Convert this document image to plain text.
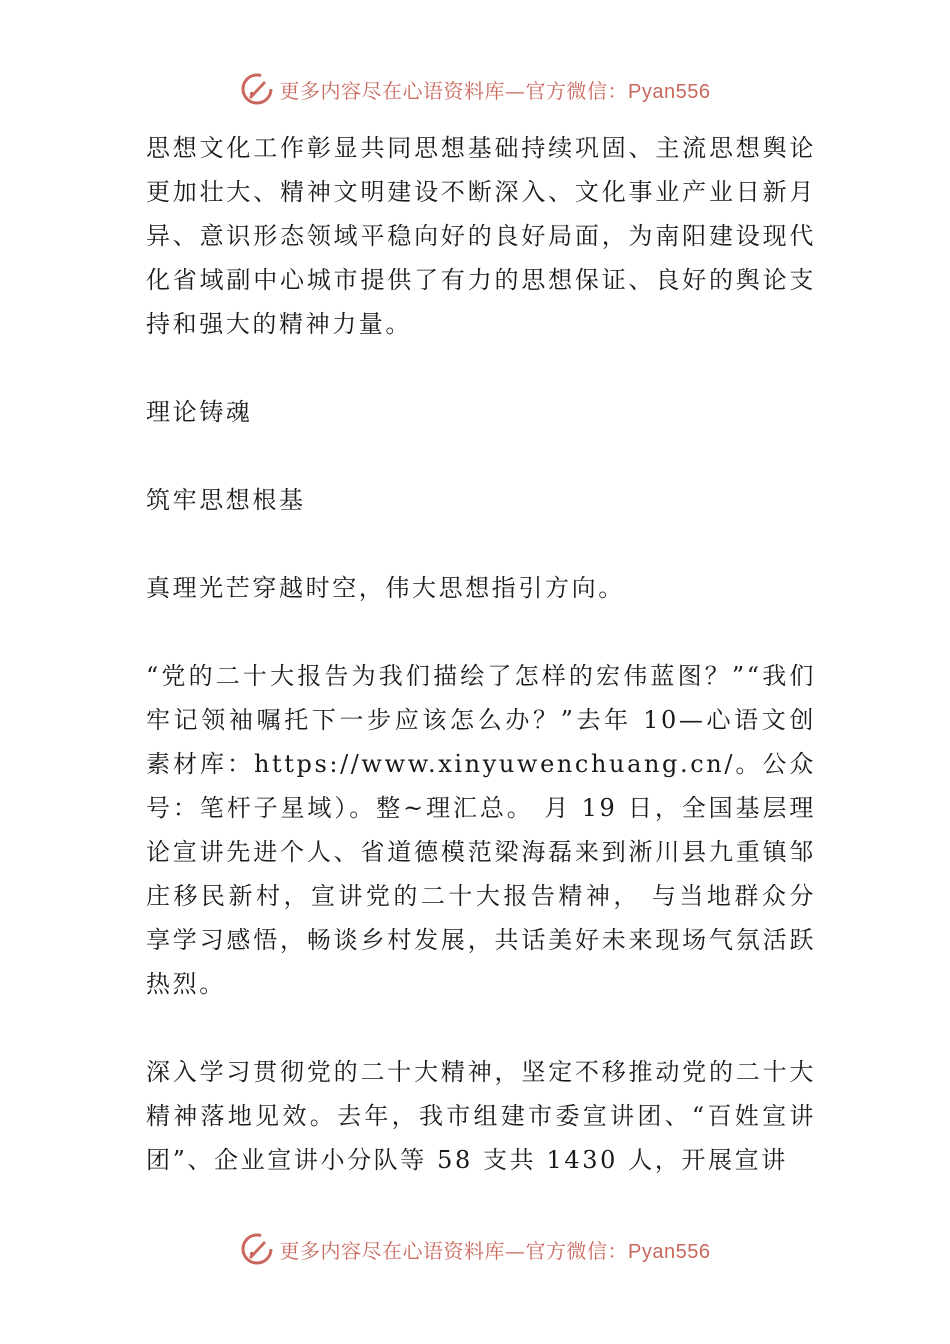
更多内容尽在心语资料库—官方微信：Pyan556

思想文化工作彰显共同思想基础持续巩固、主流思想舆论更加壮大、精神文明建设不断深入、文化事业产业日新月异、意识形态领域平稳向好的良好局面，为南阳建设现代化省域副中心城市提供了有力的思想保证、良好的舆论支持和强大的精神力量。

理论铸魂

筑牢思想根基

真理光芒穿越时空，伟大思想指引方向。

“党的二十大报告为我们描绘了怎样的宏伟蓝图？”“我们牢记领袖嘱托下一步应该怎么办？”去年 10—心语文创素材库：https://www.xinyuwenchuang.cn/。公众号：笔杆子星域）。整~理汇总。 月 19 日，全国基层理论宣讲先进个人、省道德模范梁海磊来到淅川县九重镇邹庄移民新村，宣讲党的二十大报告精神， 与当地群众分享学习感悟，畅谈乡村发展，共话美好未来现场气氛活跃热烈。

深入学习贯彻党的二十大精神，坚定不移推动党的二十大精神落地见效。去年，我市组建市委宣讲团、“百姓宣讲团”、企业宣讲小分队等 58 支共 1430 人，开展宣讲

更多内容尽在心语资料库—官方微信：Pyan556
